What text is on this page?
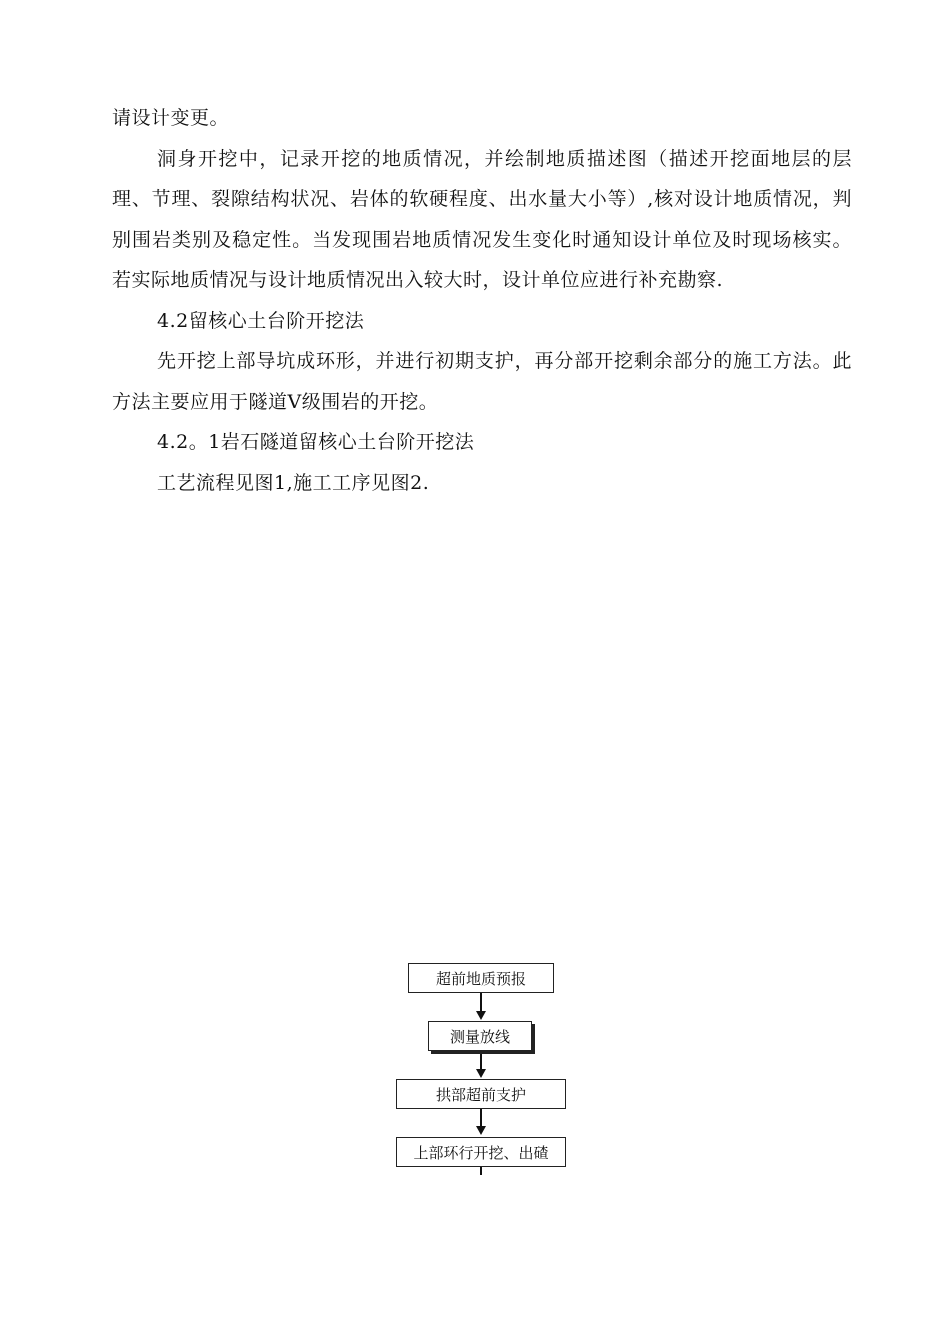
请设计变更。

洞身开挖中，记录开挖的地质情况，并绘制地质描述图（描述开挖面地层的层理、节理、裂隙结构状况、岩体的软硬程度、出水量大小等）,核对设计地质情况，判别围岩类别及稳定性。当发现围岩地质情况发生变化时通知设计单位及时现场核实。若实际地质情况与设计地质情况出入较大时，设计单位应进行补充勘察.

4.2留核心土台阶开挖法

先开挖上部导坑成环形，并进行初期支护，再分部开挖剩余部分的施工方法。此方法主要应用于隧道Ⅴ级围岩的开挖。

4.2。1岩石隧道留核心土台阶开挖法

工艺流程见图1,施工工序见图2.

超前地质预报
测量放线
拱部超前支护
上部环行开挖、出碴
